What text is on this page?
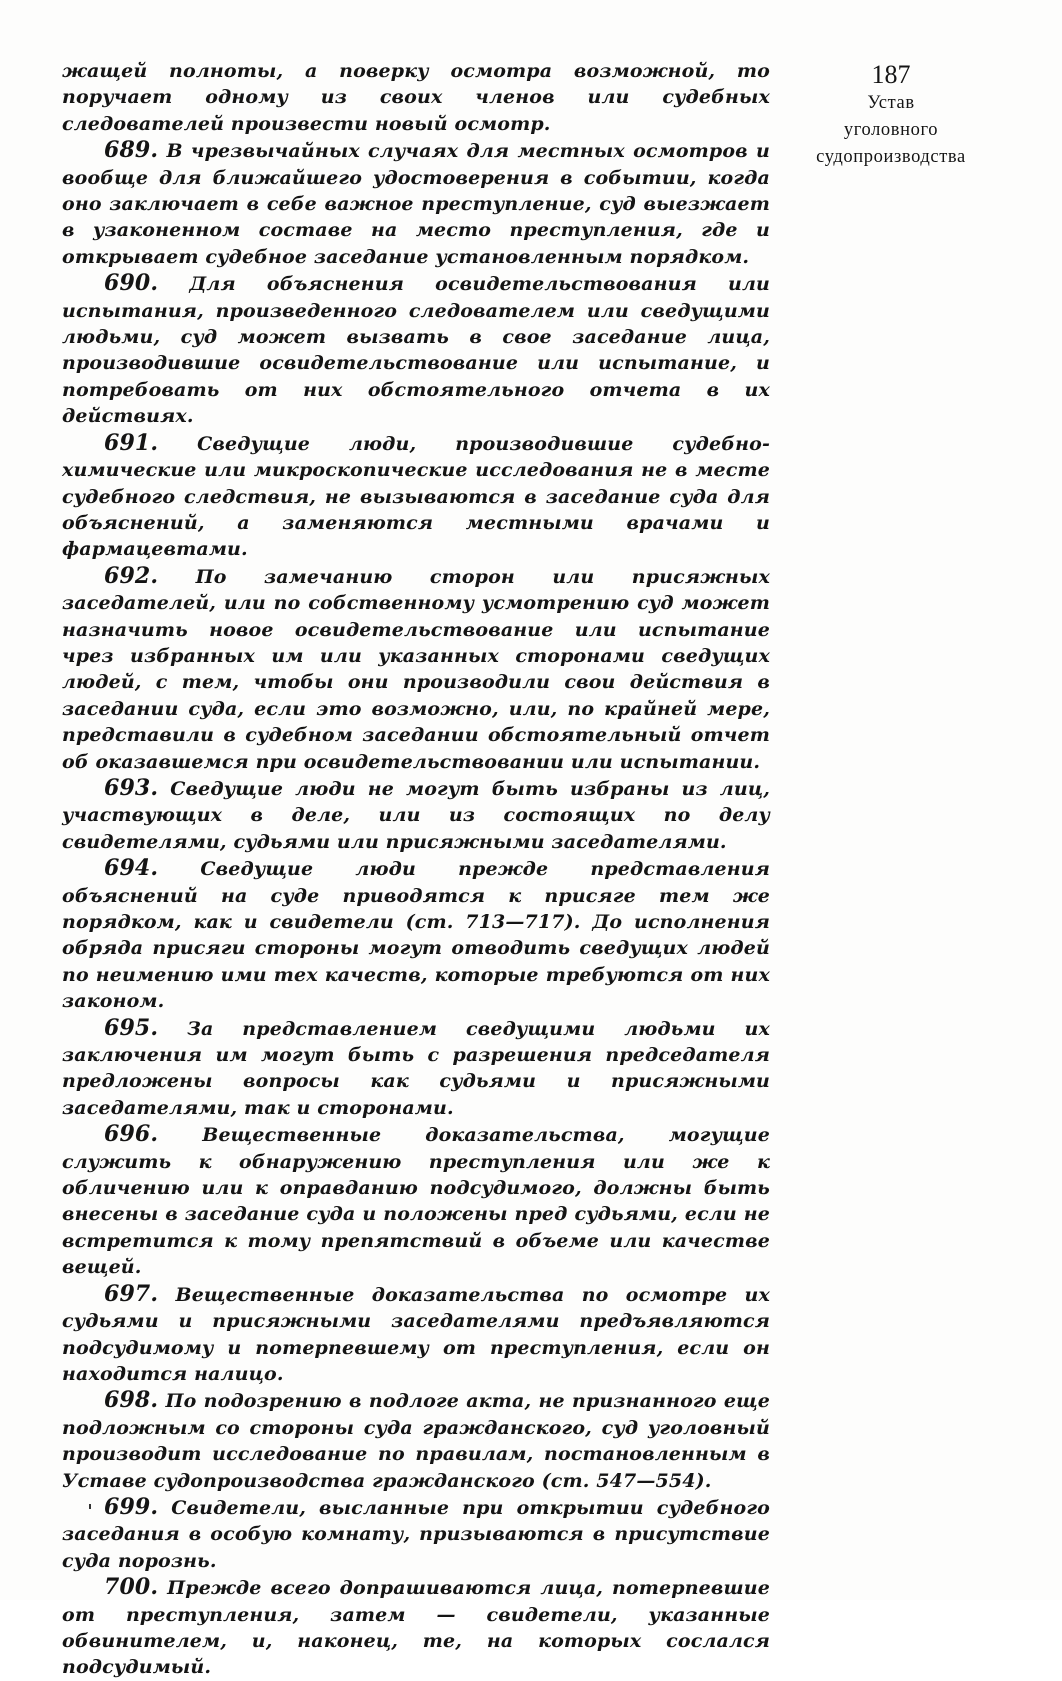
жащей полноты, а поверку осмотра возможной, то поручает одному из своих членов или судебных следователей произвести новый осмотр.

689. В чрезвычайных случаях для местных осмотров и вообще для ближайшего удостоверения в событии, когда оно заключает в себе важное преступление, суд выезжает в узаконенном составе на место преступления, где и открывает судебное заседание установленным порядком.

690. Для объяснения освидетельствования или испытания, произведенного следователем или сведущими людьми, суд может вызвать в свое заседание лица, производившие освидетельствование или испытание, и потребовать от них обстоятельного отчета в их действиях.

691. Сведущие люди, производившие судебно-химические или микроскопические исследования не в месте судебного следствия, не вызываются в заседание суда для объяснений, а заменяются местными врачами и фармацевтами.

692. По замечанию сторон или присяжных заседателей, или по собственному усмотрению суд может назначить новое освидетельствование или испытание чрез избранных им или указанных сторонами сведущих людей, с тем, чтобы они производили свои действия в заседании суда, если это возможно, или, по крайней мере, представили в судебном заседании обстоятельный отчет об оказавшемся при освидетельствовании или испытании.

693. Сведущие люди не могут быть избраны из лиц, участвующих в деле, или из состоящих по делу свидетелями, судьями или присяжными заседателями.

694. Сведущие люди прежде представления объяснений на суде приводятся к присяге тем же порядком, как и свидетели (ст. 713—717). До исполнения обряда присяги стороны могут отводить сведущих людей по неимению ими тех качеств, которые требуются от них законом.

695. За представлением сведущими людьми их заключения им могут быть с разрешения председателя предложены вопросы как судьями и присяжными заседателями, так и сторонами.

696. Вещественные доказательства, могущие служить к обнаружению преступления или же к обличению или к оправданию подсудимого, должны быть внесены в заседание суда и положены пред судьями, если не встретится к тому препятствий в объеме или качестве вещей.

697. Вещественные доказательства по осмотре их судьями и присяжными заседателями предъявляются подсудимому и потерпевшему от преступления, если он находится налицо.

698. По подозрению в подлоге акта, не признанного еще подложным со стороны суда гражданского, суд уголовный производит исследование по правилам, постановленным в Уставе судопроизводства гражданского (ст. 547—554).

699. Свидетели, высланные при открытии судебного заседания в особую комнату, призываются в присутствие суда порознь.

700. Прежде всего допрашиваются лица, потерпевшие от преступления, затем — свидетели, указанные обвинителем, и, наконец, те, на которых сослался подсудимый.

187
Устав
уголовного
судопроизводства
